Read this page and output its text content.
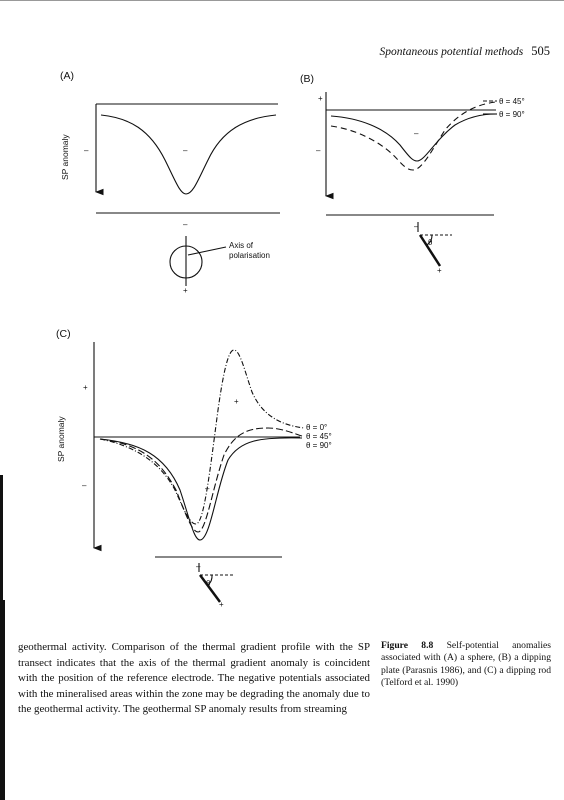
Spontaneous potential methods 505
(A)
SP anomaly –	–
–
+
Axis of
polarisation
(B)
+
–
–
–
+
θ
θ = 45°
θ = 90°
(C)
SP anomaly
+
–
+
–
–
+
θ
θ = 0°
θ = 45°
θ = 90°

geothermal activity. Comparison of the thermal gradient profile with the SP transect indicates that the axis of the thermal gradient anomaly is coincident with the position of the reference electrode. The negative potentials associated with the mineralised areas within the zone may be degrading the anomaly due to the geothermal activity. The geothermal SP anomaly results from streaming

Figure 8.8 Self-potential anomalies associated with (A) a sphere, (B) a dipping plate (Parasnis 1986), and (C) a dipping rod (Telford et al. 1990)
